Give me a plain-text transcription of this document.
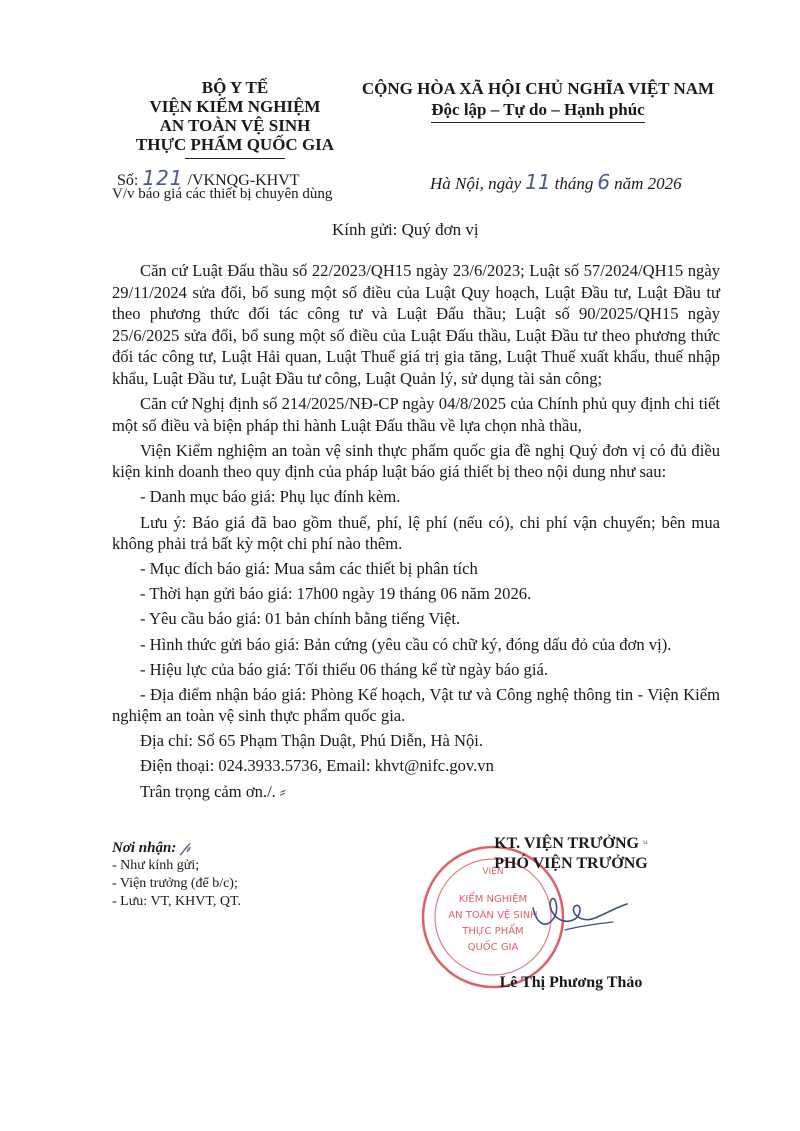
BỘ Y TẾ
VIỆN KIỂM NGHIỆM
AN TOÀN VỆ SINH
THỰC PHẨM QUỐC GIA
CỘNG HÒA XÃ HỘI CHỦ NGHĨA VIỆT NAM
Độc lập – Tự do – Hạnh phúc
Số: 121 /VKNQG-KHVT
V/v báo giá các thiết bị chuyên dùng
Hà Nội, ngày 11 tháng 6 năm 2026
Kính gửi: Quý đơn vị

Căn cứ Luật Đấu thầu số 22/2023/QH15 ngày 23/6/2023; Luật số 57/2024/QH15 ngày 29/11/2024 sửa đổi, bổ sung một số điều của Luật Quy hoạch, Luật Đầu tư, Luật Đầu tư theo phương thức đối tác công tư và Luật Đấu thầu; Luật số 90/2025/QH15 ngày 25/6/2025 sửa đổi, bổ sung một số điều của Luật Đấu thầu, Luật Đầu tư theo phương thức đối tác công tư, Luật Hải quan, Luật Thuế giá trị gia tăng, Luật Thuế xuất khẩu, thuế nhập khẩu, Luật Đầu tư, Luật Đầu tư công, Luật Quản lý, sử dụng tài sản công;

Căn cứ Nghị định số 214/2025/NĐ-CP ngày 04/8/2025 của Chính phủ quy định chi tiết một số điều và biện pháp thi hành Luật Đấu thầu về lựa chọn nhà thầu,

Viện Kiểm nghiệm an toàn vệ sinh thực phẩm quốc gia đề nghị Quý đơn vị có đủ điều kiện kinh doanh theo quy định của pháp luật báo giá thiết bị theo nội dung như sau:

- Danh mục báo giá: Phụ lục đính kèm.

Lưu ý: Báo giá đã bao gồm thuế, phí, lệ phí (nếu có), chi phí vận chuyển; bên mua không phải trả bất kỳ một chi phí nào thêm.

- Mục đích báo giá: Mua sắm các thiết bị phân tích

- Thời hạn gửi báo giá: 17h00 ngày 19 tháng 06 năm 2026.

- Yêu cầu báo giá: 01 bản chính bằng tiếng Việt.

- Hình thức gửi báo giá: Bản cứng (yêu cầu có chữ ký, đóng dấu đỏ của đơn vị).

- Hiệu lực của báo giá: Tối thiểu 06 tháng kể từ ngày báo giá.

- Địa điểm nhận báo giá: Phòng Kế hoạch, Vật tư và Công nghệ thông tin - Viện Kiểm nghiệm an toàn vệ sinh thực phẩm quốc gia.

Địa chỉ: Số 65 Phạm Thận Duật, Phú Diễn, Hà Nội.

Điện thoại: 024.3933.5736, Email: khvt@nifc.gov.vn

Trân trọng cảm ơn./. ⸗

Nơi nhận: 𝓅
- Như kính gửi;
- Viện trưởng (để b/c);
- Lưu: VT, KHVT, QT.
VIỆN
KIỂM NGHIỆM
AN TOÀN VỆ SINH
THỰC PHẨM
QUỐC GIA
KT. VIỆN TRƯỞNG ᵘ
PHÓ VIỆN TRƯỞNG
Lê Thị Phương Thảo
